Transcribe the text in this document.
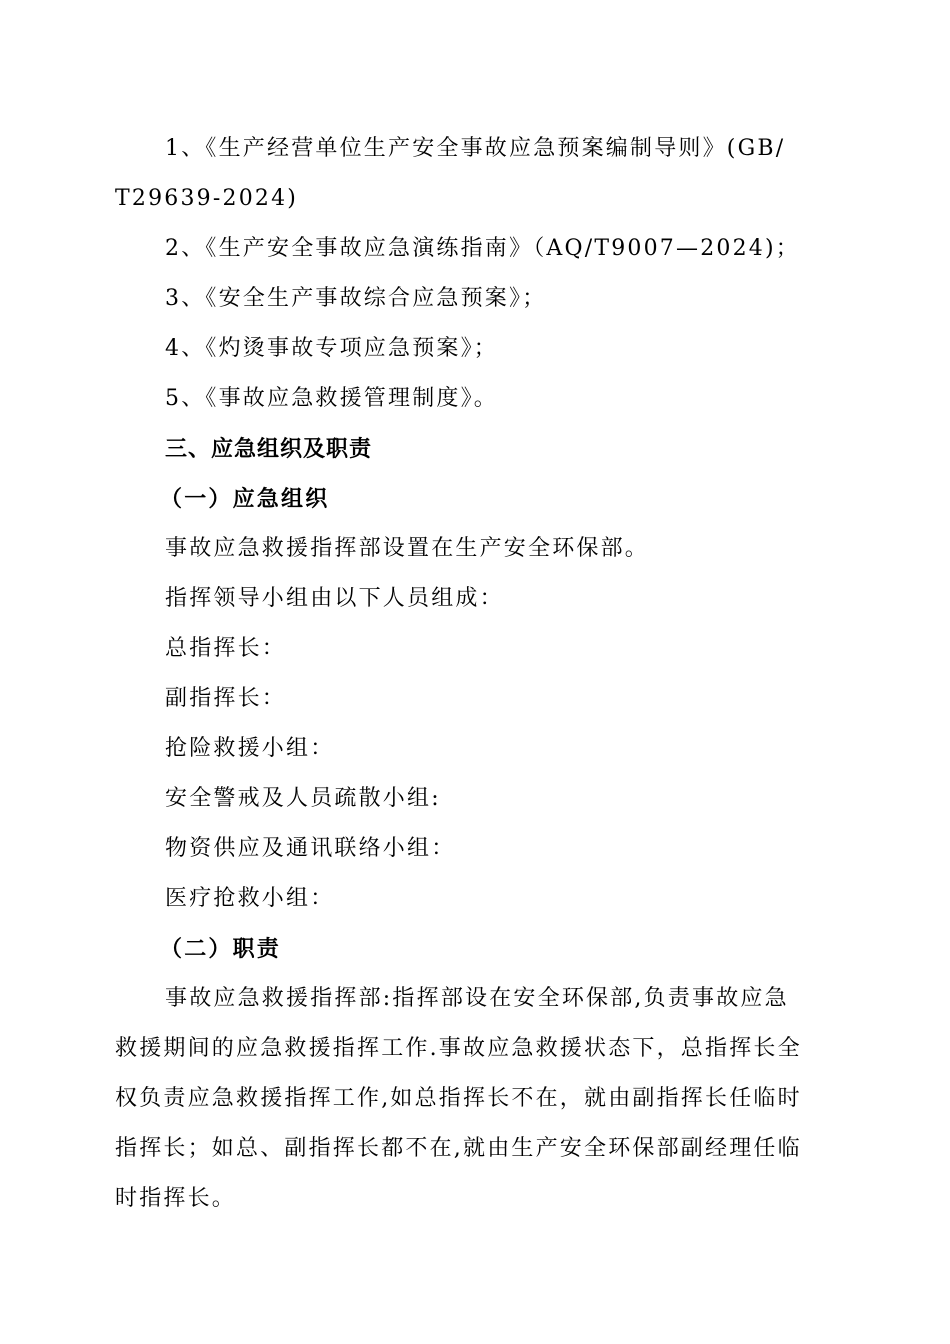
1、《生产经营单位生产安全事故应急预案编制导则》(GB/
T29639-2024)
2、《生产安全事故应急演练指南》（AQ/T9007—2024)；
3、《安全生产事故综合应急预案》；
4、《灼烫事故专项应急预案》；
5、《事故应急救援管理制度》。
三、应急组织及职责
（一）应急组织
事故应急救援指挥部设置在生产安全环保部。
指挥领导小组由以下人员组成：
总指挥长：
副指挥长：
抢险救援小组：
安全警戒及人员疏散小组:
物资供应及通讯联络小组：
医疗抢救小组：
（二）职责
事故应急救援指挥部:指挥部设在安全环保部,负责事故应急
救援期间的应急救援指挥工作.事故应急救援状态下，总指挥长全
权负责应急救援指挥工作,如总指挥长不在，就由副指挥长任临时
指挥长；如总、副指挥长都不在,就由生产安全环保部副经理任临
时指挥长。
